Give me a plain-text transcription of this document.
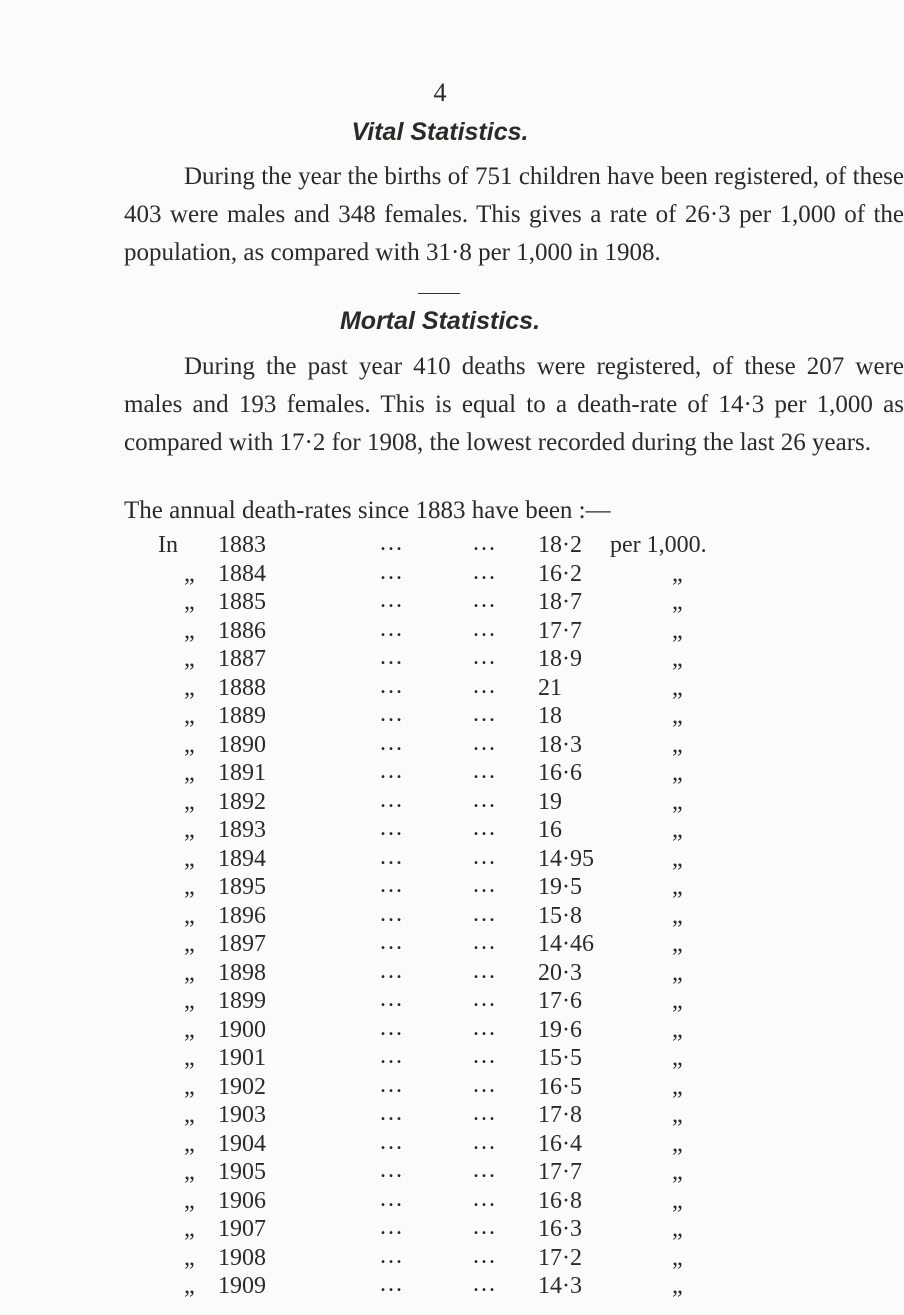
4
Vital Statistics.

During the year the births of 751 children have been registered, of these 403 were males and 348 females. This gives a rate of 26·3 per 1,000 of the population, as compared with 31·8 per 1,000 in 1908.

Mortal Statistics.

During the past year 410 deaths were registered, of these 207 were males and 193 females. This is equal to a death-rate of 14·3 per 1,000 as compared with 17·2 for 1908, the lowest recorded during the last 26 years.

The annual death-rates since 1883 have been :—

In 1883	...	... 18·2 per 1,000.
„ 1884	...	... 16·2	„
„ 1885	...	... 18·7	„
„ 1886	...	... 17·7	„
„ 1887	...	... 18·9	„
„ 1888	...	... 21	„
„ 1889	...	... 18	„
„ 1890	...	... 18·3	„
„ 1891	...	... 16·6	„
„ 1892	...	... 19	„
„ 1893	...	... 16	„
„ 1894	...	... 14·95	„
„ 1895	...	... 19·5	„
„ 1896	...	... 15·8	„
„ 1897	...	... 14·46	„
„ 1898	...	... 20·3	„
„ 1899	...	... 17·6	„
„ 1900	...	... 19·6	„
„ 1901	...	... 15·5	„
„ 1902	...	... 16·5	„
„ 1903	...	... 17·8	„
„ 1904	...	... 16·4	„
„ 1905	...	... 17·7	„
„ 1906	...	... 16·8	„
„ 1907	...	... 16·3	„
„ 1908	...	... 17·2	„
„ 1909	...	... 14·3	„
